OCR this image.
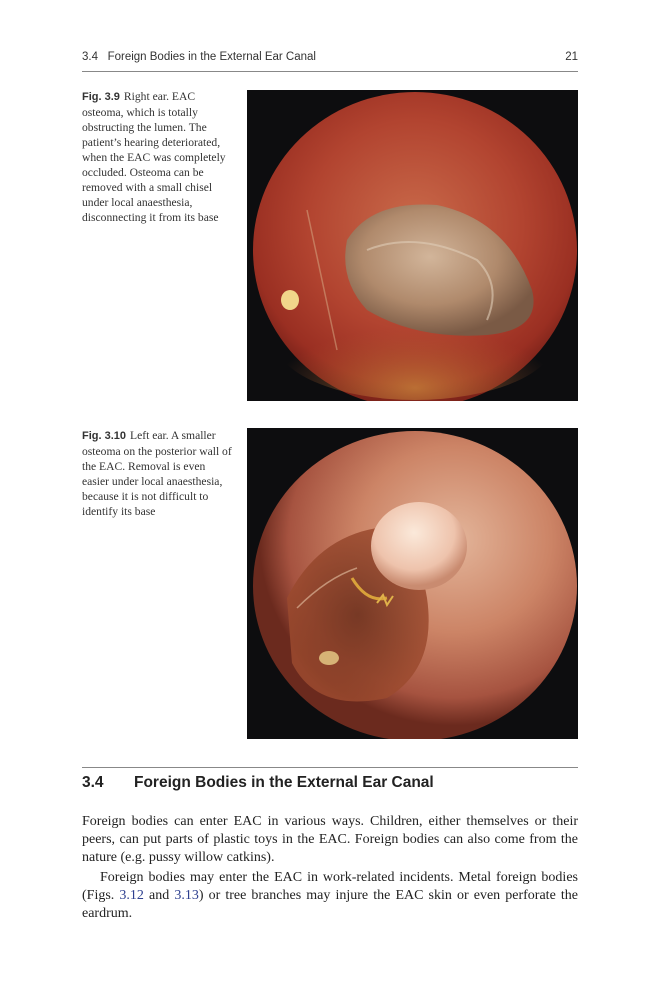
3.4   Foreign Bodies in the External Ear Canal	21
Fig. 3.9 Right ear. EAC osteoma, which is totally obstructing the lumen. The patient’s hearing deteriorated, when the EAC was completely occluded. Osteoma can be removed with a small chisel under local anaesthesia, disconnecting it from its base
Fig. 3.10 Left ear. A smaller osteoma on the posterior wall of the EAC. Removal is even easier under local anaesthesia, because it is not difficult to identify its base
3.4 Foreign Bodies in the External Ear Canal

Foreign bodies can enter EAC in various ways. Children, either themselves or their peers, can put parts of plastic toys in the EAC. Foreign bodies can also come from the nature (e.g. pussy willow catkins).

Foreign bodies may enter the EAC in work-related incidents. Metal foreign bodies (Figs. 3.12 and 3.13) or tree branches may injure the EAC skin or even perforate the eardrum.
